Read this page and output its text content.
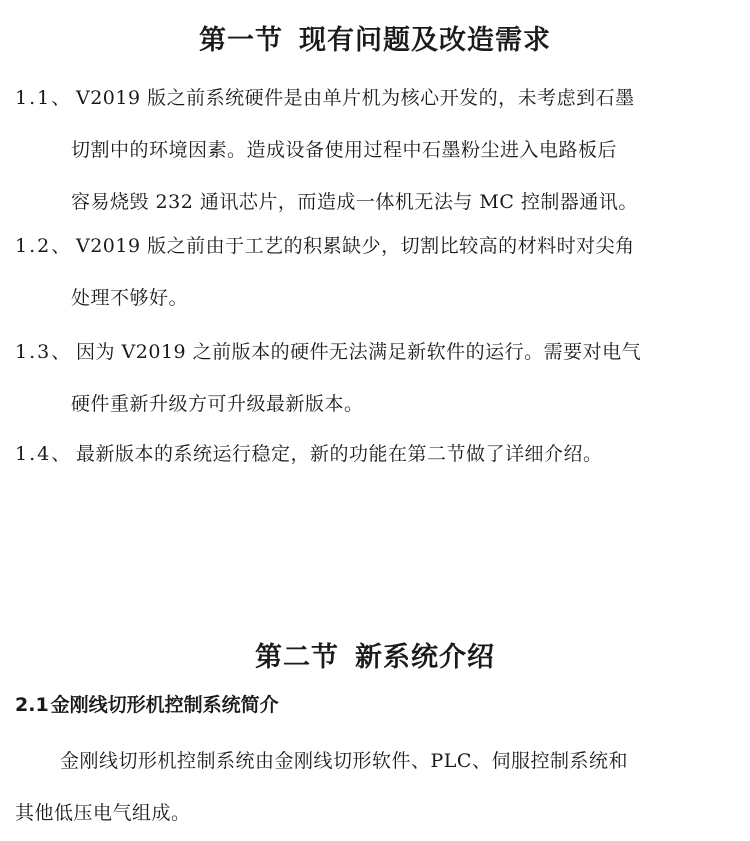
第一节 现有问题及改造需求
1.1、 V2019 版之前系统硬件是由单片机为核心开发的，未考虑到石墨
切割中的环境因素。造成设备使用过程中石墨粉尘进入电路板后
容易烧毁 232 通讯芯片，而造成一体机无法与 MC 控制器通讯。
1.2、 V2019 版之前由于工艺的积累缺少，切割比较高的材料时对尖角
处理不够好。
1.3、 因为 V2019 之前版本的硬件无法满足新软件的运行。需要对电气
硬件重新升级方可升级最新版本。
1.4、 最新版本的系统运行稳定，新的功能在第二节做了详细介绍。
第二节 新系统介绍
2.1 金刚线切形机控制系统简介
金刚线切形机控制系统由金刚线切形软件、PLC、伺服控制系统和
其他低压电气组成。
